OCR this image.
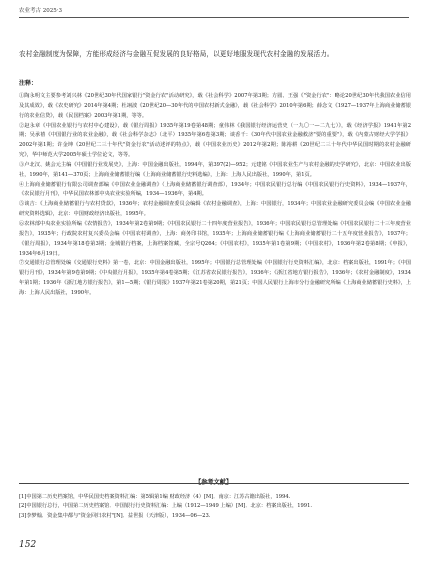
农业考古 2025·3
农村金融制度为保障，方能形成经济与金融互促发展的良好格局，以更好地服发现代农村金融的发展活力。
注释：

①陶永明文主要参考刘兴林《20世纪30年代国家银行"资金行农"活动研究》，载《社会科学》2007年第3期；方圆、王强《"资金行农"：略论20世纪30年代我国农业信用及其成效》，载《农史研究》2014年第4期；杜翊波《20世纪20—30年代的中国农村新式金融》，载《社会科学》2010年第6期；薛念文《1927—1937年上海商业储蓄银行的农业信贷》，载《民国档案》2003年第1期，等等。

②赵永章《中国农业银行与农村中心建设》，载《银行周报》1935年第19卷第48期；童伟林《我国银行经济运营史（一九〇一—二九七）》，载《经济学报》1941年第2期；吴承禧《中国银行业的农业金融》，载《社会科学杂志》（北平）1935年第6卷第3期；谈香千：《30年代中国农业金融救济"要的重要"》，载《内蒙古财经大学学报》2002年第1期；许金坤《20世纪二三十年代"资金行农"活动述评的特点》，载《中国农业历史》2012年第2期；陈裕耕《20世纪二三十年代中华民国时期的农村金融研究》，华中师范大学2005年硕士学位论文，等等。

③卢北汉、姚会元主编《中国银行业发展史》，上海：中国金融出版社，1994年，第397(2)—952；元建铭《中国农业生产与农村金融的史学研究》，北京：中国农业出版社，1990年，第141—370页；上海商业储蓄银行编《上海商业储蓄银行史料选编》，上海：上海人民出版社，1990年，第1页。

④上海商业储蓄银行有限公司调查部编《中国农业金融调查》（上海商业储蓄银行调查部），1934年；中国农民银行总行编《中国农民银行行史资料》，1934—1937年，《农民银行月刊》，中华民国农林部中央农业实验所编，1934—1936年，第4期。

⑤谈吉：《上海商业储蓄银行与农村贷款》，1936年；农村金融调查委员会编辑《农村金融调查》，上海：中国银行，1934年；中国农业金融研究委员会编《中国农业金融研究资料选辑》，北京：中国财政经济出版社，1995年。

⑥农林部中央农业实验所编《农情报告》，1934年第2卷第9期；《中国农民银行二十四年度营业报告》，1936年；中国农民银行总管理处编《中国农民银行二十三年度营业报告》，1935年；行政院农村复兴委员会编《中国农村调查》，上海：商务印书馆，1935年；上海商业储蓄银行编《上海商业储蓄银行二十五年度营业报告》，1937年；《银行周报》，1934年第18卷第3期；金城银行档案，上海档案馆藏，全宗号Q264；《中国农村》，1935年第1卷第9期；《中国农村》，1936年第2卷第8期；《申报》，1934年6月19日。

⑦交通银行总管理处编《交通银行史料》第一卷，北京：中国金融出版社，1995年；中国银行总管理处编《中国银行行史资料汇编》，北京：档案出版社，1991年；《中国银行月刊》，1934年第9卷第9期；《中央银行月报》，1935年第4卷第5期；《江苏省农民银行报告》，1936年；《浙江省地方银行报告》，1936年；《农村金融制度》，1934年第1期；1936年《浙江地方银行报告》，第1—5期；《银行周报》1937年第21卷第20期，第21页；中国人民银行上海市分行金融研究所编《上海商业储蓄银行史料》，上海：上海人民出版社，1990年。

【参考文献】

[1]中国第二历史档案馆，中华民国史档案资料汇编：第5辑第1编 财政经济（4）[M]．南京：江苏古籍出版社，1994.

[2]中国银行总行，中国第二历史档案馆．中国银行行史资料汇编：上编（1912—1949 上编）[M]．北京：档案出版社，1991.

[3]李梦翰．资金集中都与"资金回归农村"[N]．益世报（天津版），1934—06—23.

152
